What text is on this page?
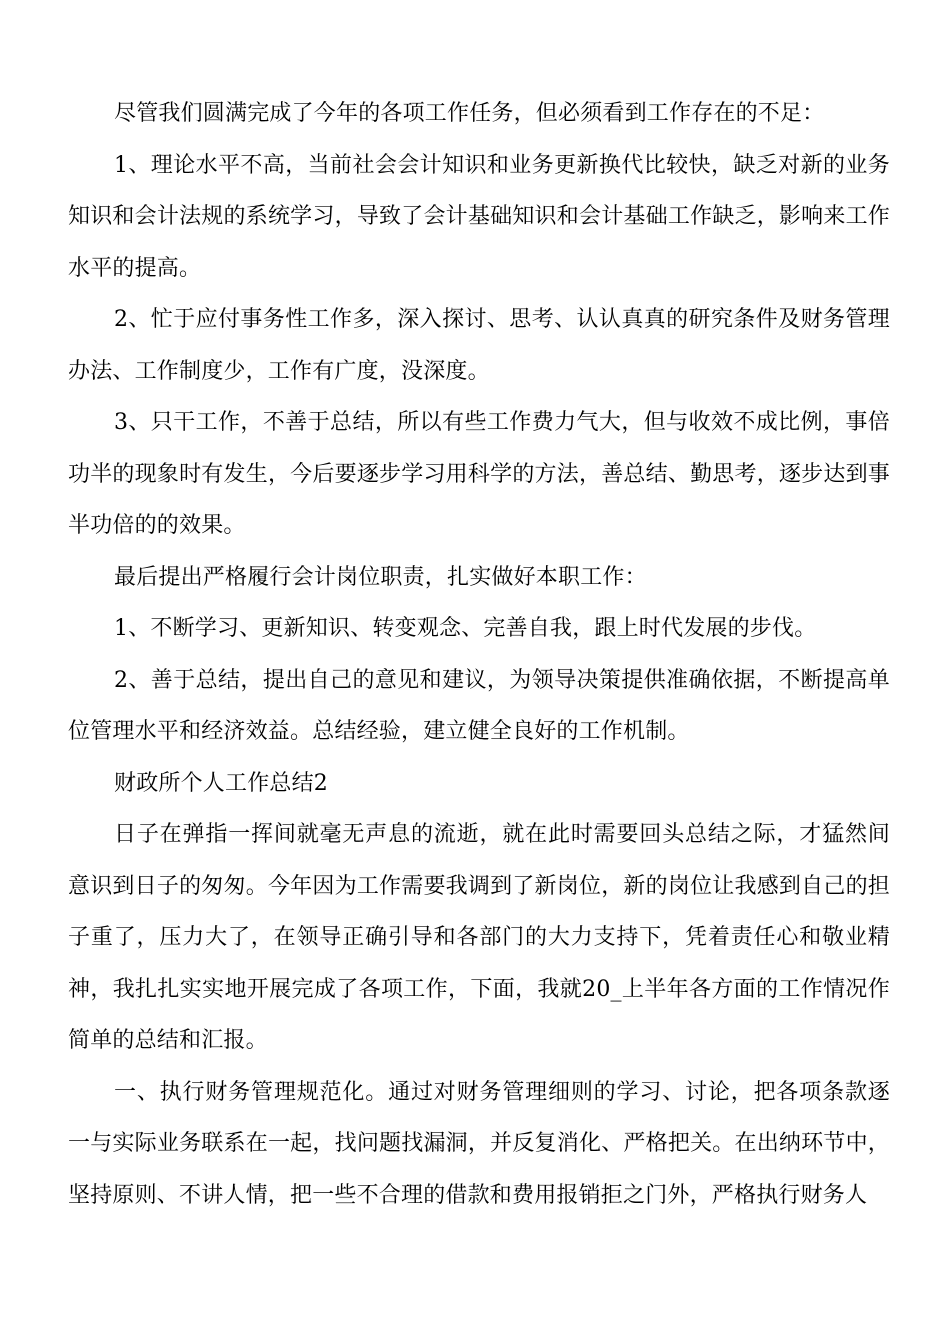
尽管我们圆满完成了今年的各项工作任务，但必须看到工作存在的不足：

1、理论水平不高，当前社会会计知识和业务更新换代比较快，缺乏对新的业务知识和会计法规的系统学习，导致了会计基础知识和会计基础工作缺乏，影响来工作水平的提高。

2、忙于应付事务性工作多，深入探讨、思考、认认真真的研究条件及财务管理办法、工作制度少，工作有广度，没深度。

3、只干工作，不善于总结，所以有些工作费力气大，但与收效不成比例，事倍功半的现象时有发生，今后要逐步学习用科学的方法，善总结、勤思考，逐步达到事半功倍的的效果。

最后提出严格履行会计岗位职责，扎实做好本职工作：

1、不断学习、更新知识、转变观念、完善自我，跟上时代发展的步伐。

2、善于总结，提出自己的意见和建议，为领导决策提供准确依据，不断提高单位管理水平和经济效益。总结经验，建立健全良好的工作机制。

财政所个人工作总结2

日子在弹指一挥间就毫无声息的流逝，就在此时需要回头总结之际，才猛然间意识到日子的匆匆。今年因为工作需要我调到了新岗位，新的岗位让我感到自己的担子重了，压力大了，在领导正确引导和各部门的大力支持下，凭着责任心和敬业精神，我扎扎实实地开展完成了各项工作，下面，我就20_上半年各方面的工作情况作简单的总结和汇报。

一、执行财务管理规范化。通过对财务管理细则的学习、讨论，把各项条款逐一与实际业务联系在一起，找问题找漏洞，并反复消化、严格把关。在出纳环节中，坚持原则、不讲人情，把一些不合理的借款和费用报销拒之门外，严格执行财务人
